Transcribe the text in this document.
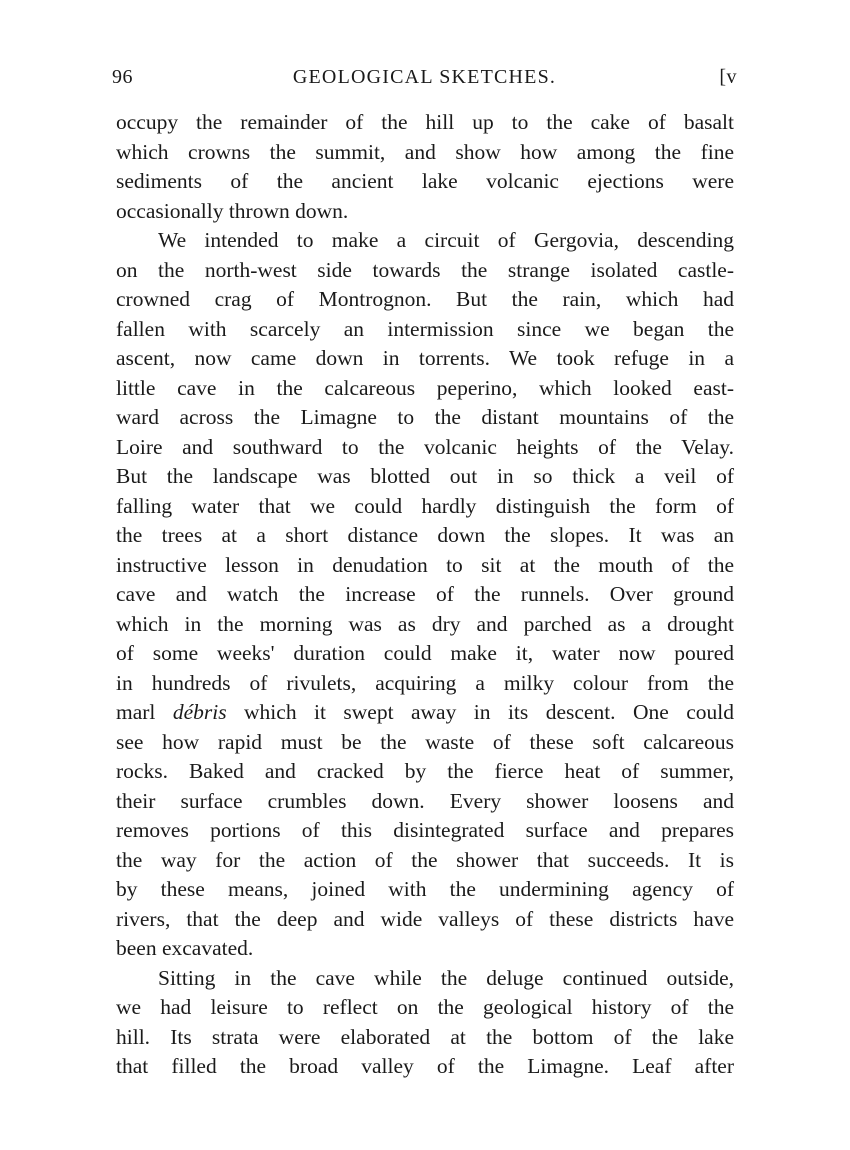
96	GEOLOGICAL SKETCHES.	[v
occupy the remainder of the hill up to the cake of basalt
which crowns the summit, and show how among the fine
sediments of the ancient lake volcanic ejections were
occasionally thrown down.
We intended to make a circuit of Gergovia, descending
on the north-west side towards the strange isolated castle-
crowned crag of Montrognon. But the rain, which had
fallen with scarcely an intermission since we began the
ascent, now came down in torrents. We took refuge in a
little cave in the calcareous peperino, which looked east-
ward across the Limagne to the distant mountains of the
Loire and southward to the volcanic heights of the Velay.
But the landscape was blotted out in so thick a veil of
falling water that we could hardly distinguish the form of
the trees at a short distance down the slopes. It was an
instructive lesson in denudation to sit at the mouth of the
cave and watch the increase of the runnels. Over ground
which in the morning was as dry and parched as a drought
of some weeks' duration could make it, water now poured
in hundreds of rivulets, acquiring a milky colour from the
marl débris which it swept away in its descent. One could
see how rapid must be the waste of these soft calcareous
rocks. Baked and cracked by the fierce heat of summer,
their surface crumbles down. Every shower loosens and
removes portions of this disintegrated surface and prepares
the way for the action of the shower that succeeds. It is
by these means, joined with the undermining agency of
rivers, that the deep and wide valleys of these districts have
been excavated.
Sitting in the cave while the deluge continued outside,
we had leisure to reflect on the geological history of the
hill. Its strata were elaborated at the bottom of the lake
that filled the broad valley of the Limagne. Leaf after
